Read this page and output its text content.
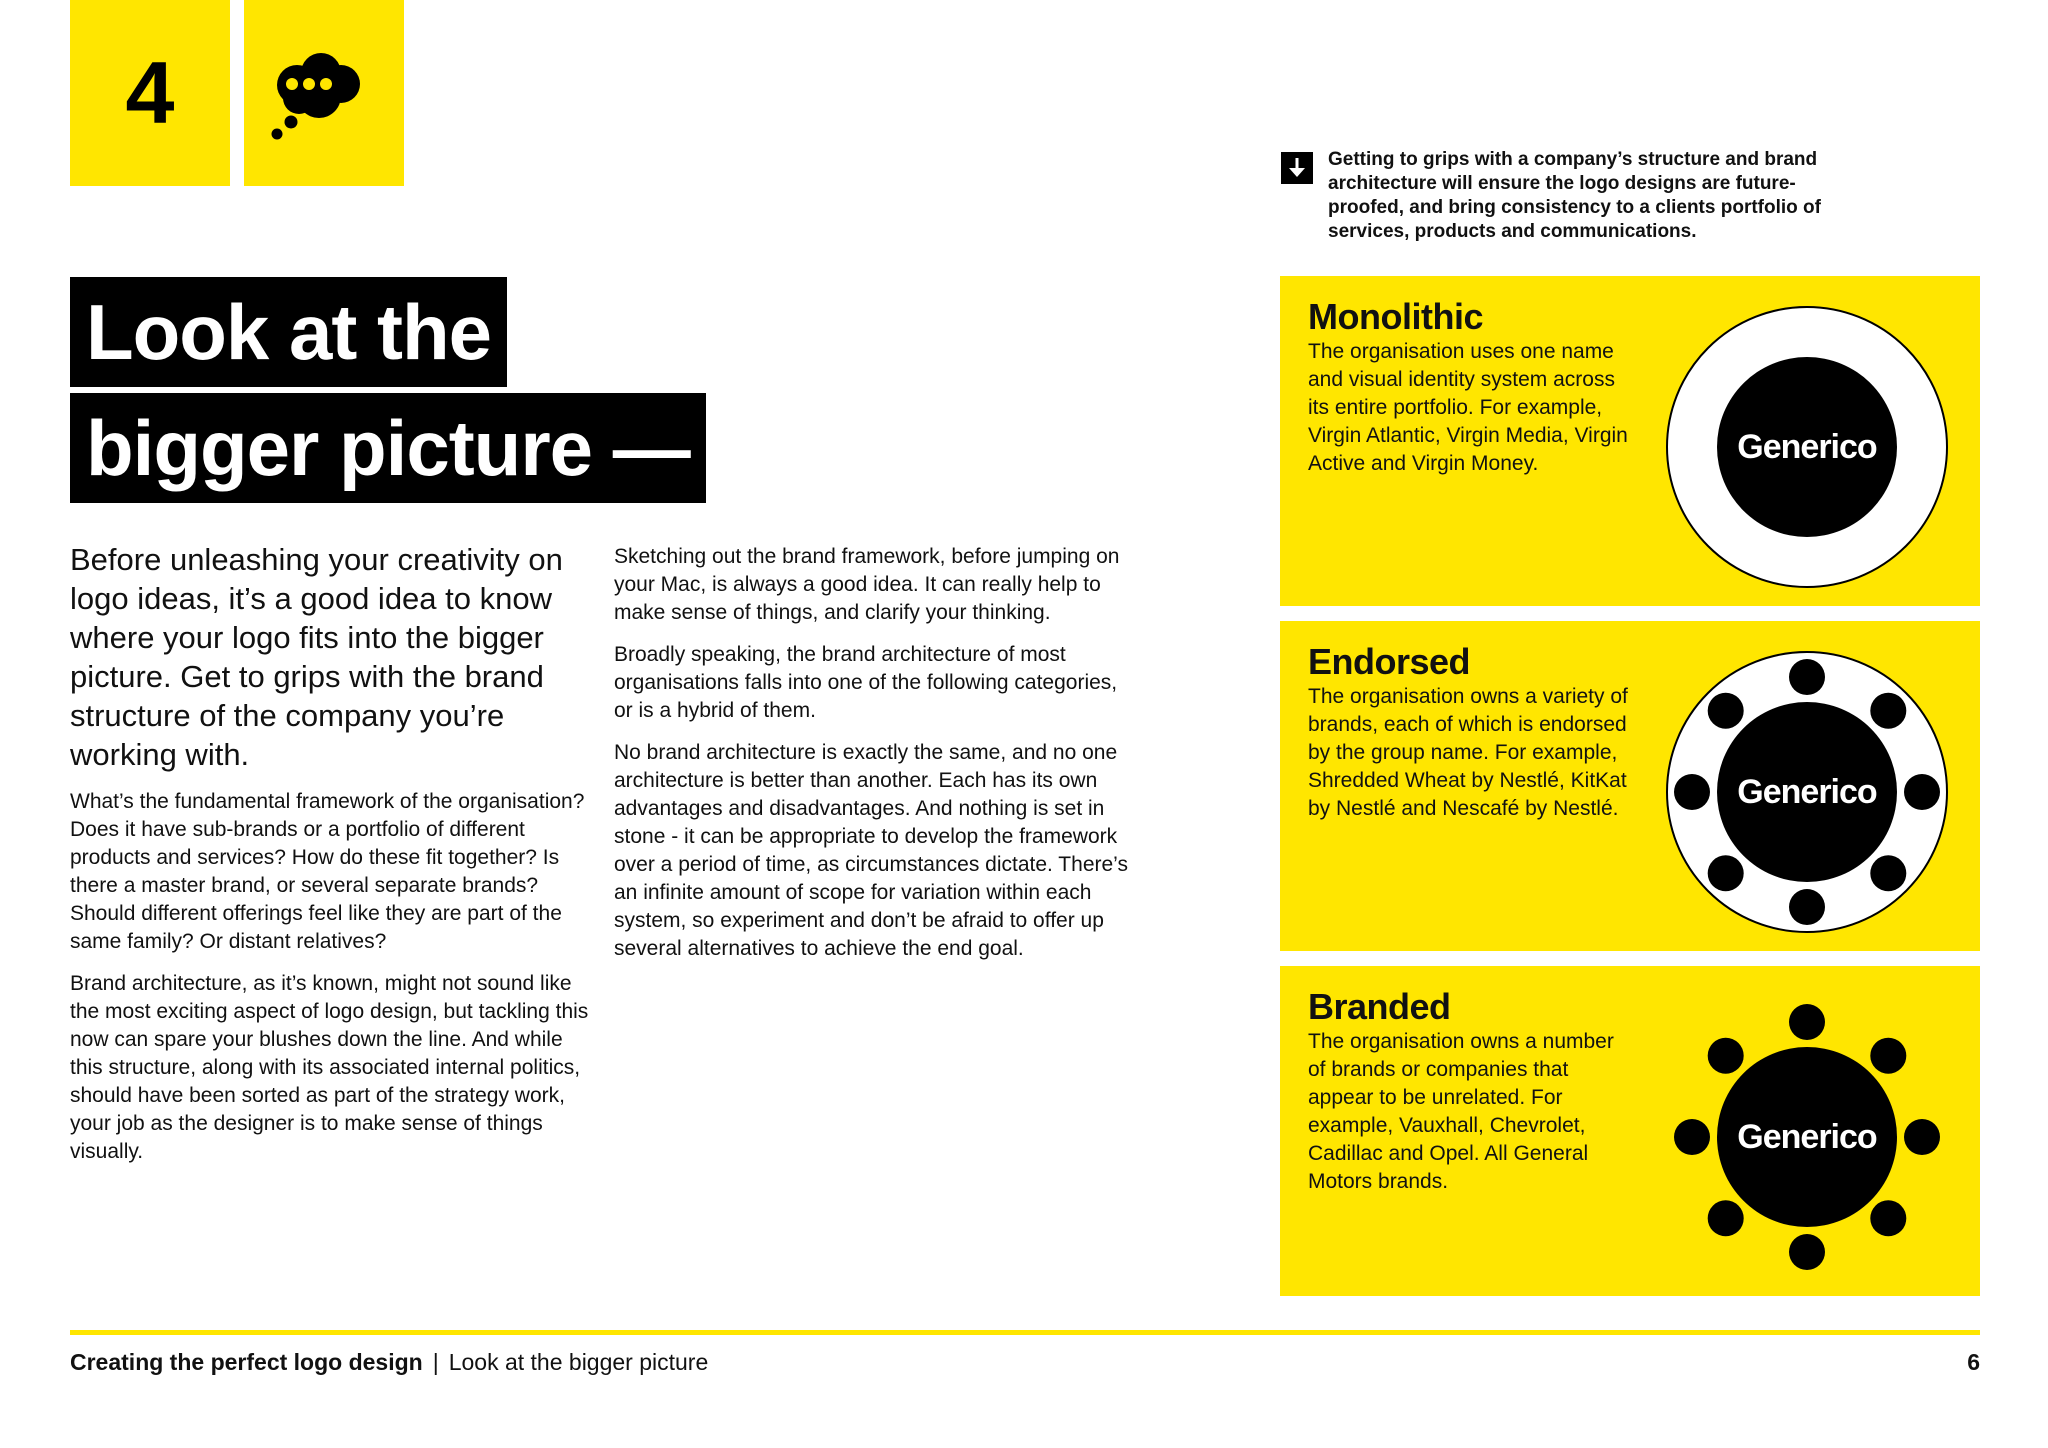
4
Look at the
bigger picture —

Before unleashing your creativity on logo ideas, it’s a good idea to know where your logo fits into the bigger picture. Get to grips with the brand structure of the company you’re working with.

What’s the fundamental framework of the organisation? Does it have sub-brands or a portfolio of different products and services? How do these fit together? Is there a master brand, or several separate brands? Should different offerings feel like they are part of the same family? Or distant relatives?

Brand architecture, as it’s known, might not sound like the most exciting aspect of logo design, but tackling this now can spare your blushes down the line. And while this structure, along with its associated internal politics, should have been sorted as part of the strategy work, your job as the designer is to make sense of things visually.

Sketching out the brand framework, before jumping on your Mac, is always a good idea. It can really help to make sense of things, and clarify your thinking.

Broadly speaking, the brand architecture of most organisations falls into one of the following categories, or is a hybrid of them.

No brand architecture is exactly the same, and no one architecture is better than another. Each has its own advantages and disadvantages. And nothing is set in stone - it can be appropriate to develop the framework over a period of time, as circumstances dictate. There’s an infinite amount of scope for variation within each system, so experiment and don’t be afraid to offer up several alternatives to achieve the end goal.

Getting to grips with a company’s structure and brand architecture will ensure the logo designs are future-proofed, and bring consistency to a clients portfolio of services, products and communications.
Monolithic
The organisation uses one name and visual identity system across its entire portfolio. For example, Virgin Atlantic, Virgin Media, Virgin Active and Virgin Money.	Generico
Endorsed
The organisation owns a variety of brands, each of which is endorsed by the group name. For example, Shredded Wheat by Nestlé, KitKat by Nestlé and Nescafé by Nestlé.	Generico
Branded
The organisation owns a number of brands or companies that appear to be unrelated. For example, Vauxhall, Chevrolet, Cadillac and Opel. All General Motors brands.
Generico
Creating the perfect logo design | Look at the bigger picture	6
